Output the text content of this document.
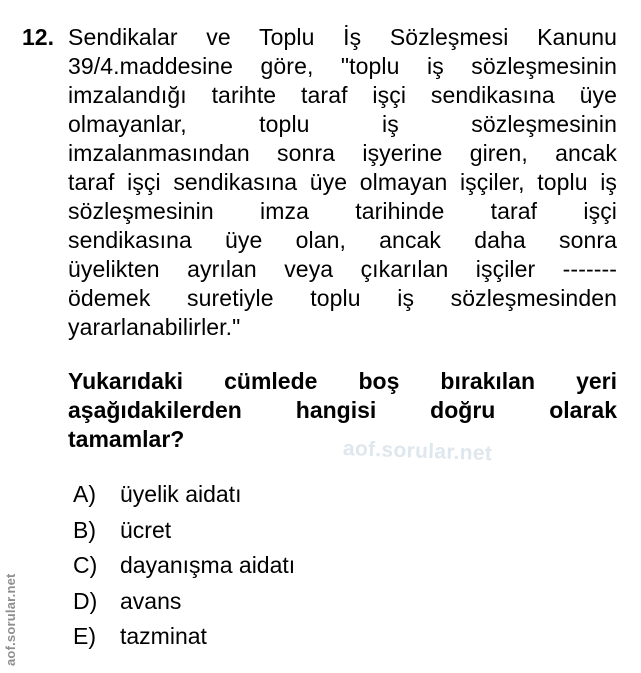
12. Sendikalar ve Toplu İş Sözleşmesi Kanunu
39/4.maddesine göre, "toplu iş sözleşmesinin
imzalandığı tarihte taraf işçi sendikasına üye
olmayanlar, toplu iş sözleşmesinin
imzalanmasından sonra işyerine giren, ancak
taraf işçi sendikasına üye olmayan işçiler, toplu iş
sözleşmesinin imza tarihinde taraf işçi
sendikasına üye olan, ancak daha sonra
üyelikten ayrılan veya çıkarılan işçiler -------
ödemek suretiyle toplu iş sözleşmesinden
yararlanabilirler."
Yukarıdaki cümlede boş bırakılan yeri
aşağıdakilerden hangisi doğru olarak
tamamlar?	aof.sorular.net
A)	üyelik aidatı
B)	ücret
C) dayanışma aidatı
D) avans
E)	tazminat
aof.sorular.net
